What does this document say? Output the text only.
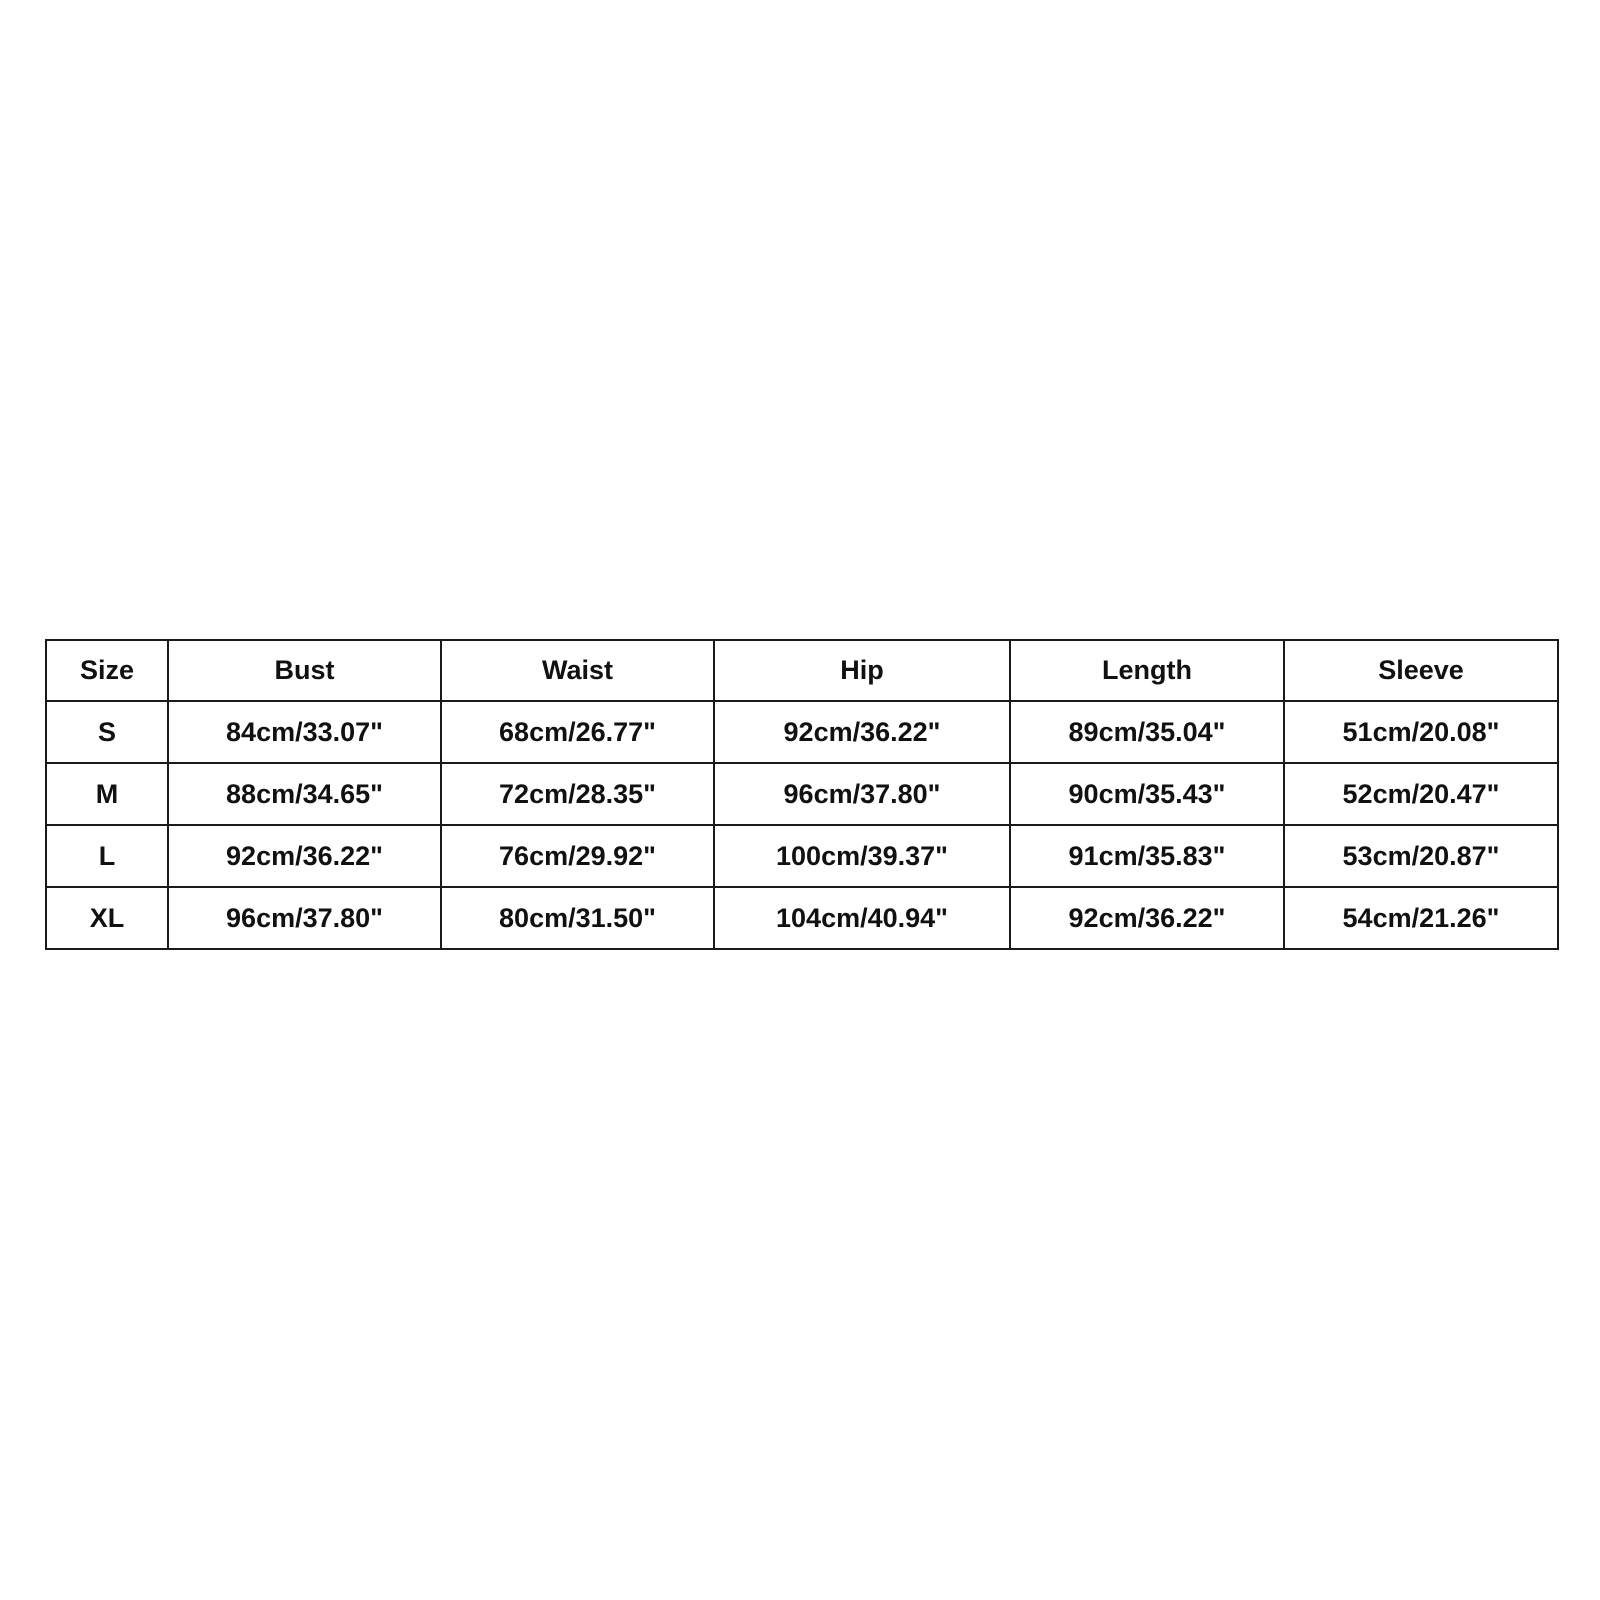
Size	Bust	Waist	Hip	Length	Sleeve
S	84cm/33.07"	68cm/26.77"	92cm/36.22"	89cm/35.04"	51cm/20.08"
M	88cm/34.65"	72cm/28.35"	96cm/37.80"	90cm/35.43"	52cm/20.47"
L	92cm/36.22"	76cm/29.92"	100cm/39.37"	91cm/35.83"	53cm/20.87"
XL	96cm/37.80"	80cm/31.50"	104cm/40.94"	92cm/36.22"	54cm/21.26"
